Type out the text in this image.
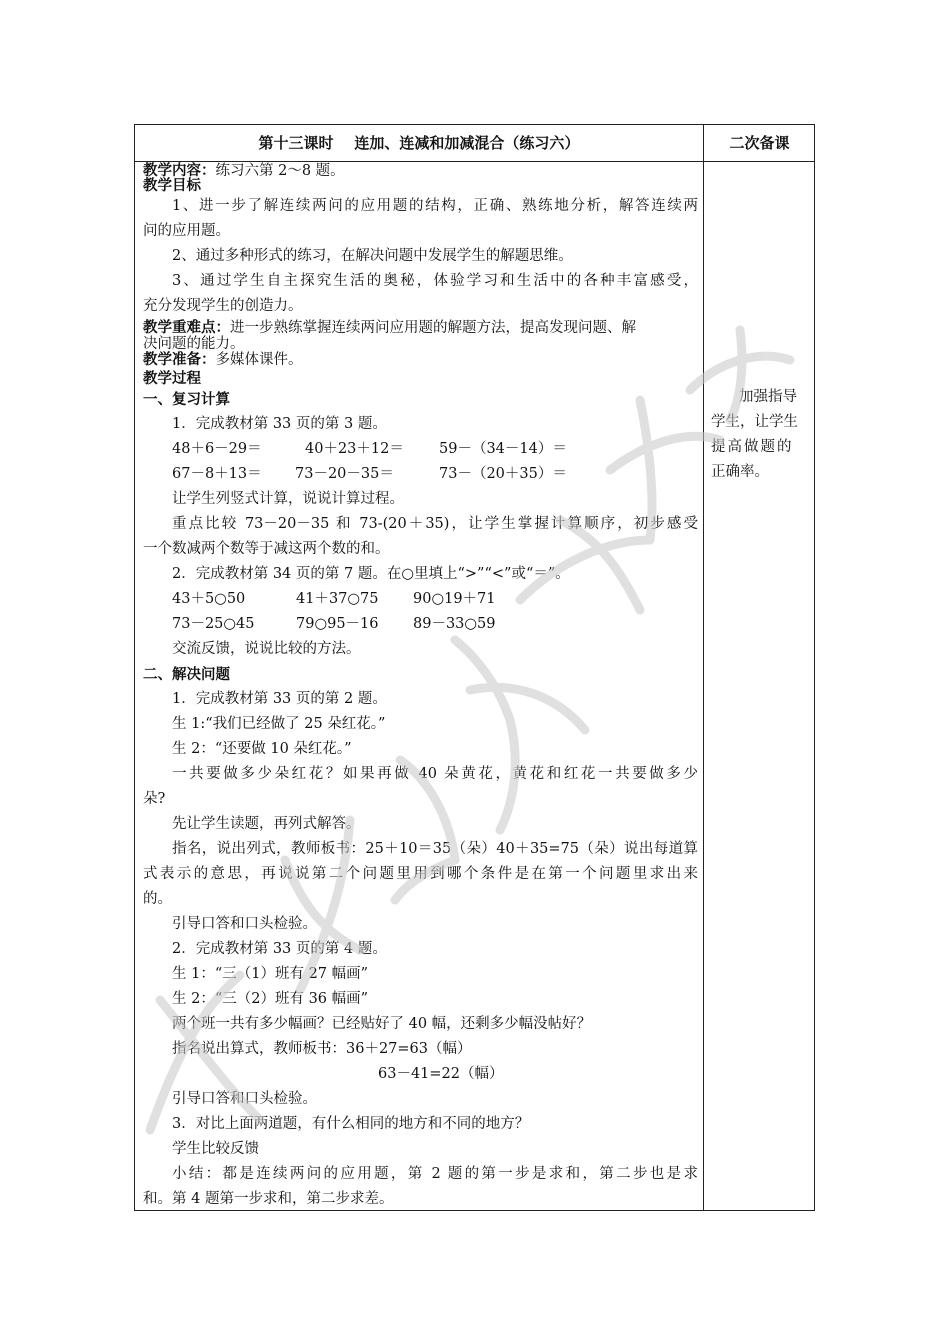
第十三课时    连加、连减和加减混合（练习六）	二次备课
教学内容：练习六第 2～8 题。
教学目标
1、进一步了解连续两问的应用题的结构，正确、熟练地分析，解答连续两
问的应用题。
2、通过多种形式的练习，在解决问题中发展学生的解题思维。
3、通过学生自主探究生活的奥秘，体验学习和生活中的各种丰富感受，
充分发现学生的创造力。
教学重难点：进一步熟练掌握连续两问应用题的解题方法，提高发现问题、解
决问题的能力。
教学准备：多媒体课件。
教学过程
一、复习计算
1．完成教材第 33 页的第 3 题。
48＋6－29＝	40＋23＋12＝ 59－（34－14）＝
67－8＋13＝ 73－20－35＝	73－（20＋35）＝
让学生列竖式计算，说说计算过程。
重点比较 73－20－35 和 73-(20＋35)，让学生掌握计算顺序，初步感受
一个数减两个数等于减这两个数的和。
2．完成教材第 34 页的第 7 题。在○里填上“>”“<”或“＝”。
43＋5○50	41＋37○75 90○19＋71
73－25○45	79○95－16 89－33○59
交流反馈，说说比较的方法。
二、解决问题
1．完成教材第 33 页的第 2 题。
生 1:“我们已经做了 25 朵红花。”
生 2：“还要做 10 朵红花。”
一共要做多少朵红花？如果再做 40 朵黄花，黄花和红花一共要做多少
朵?
先让学生读题，再列式解答。
指名，说出列式，教师板书：25＋10＝35（朵）40＋35=75（朵）说出每道算
式表示的意思，再说说第二个问题里用到哪个条件是在第一个问题里求出来
的。
引导口答和口头检验。
2．完成教材第 33 页的第 4 题。
生 1：“三（1）班有 27 幅画”
生 2：“三（2）班有 36 幅画”
两个班一共有多少幅画？已经贴好了 40 幅，还剩多少幅没帖好？
指名说出算式，教师板书：36＋27=63（幅）
63－41=22（幅）
引导口答和口头检验。
3．对比上面两道题，有什么相同的地方和不同的地方？
学生比较反馈
小结：都是连续两问的应用题，第 2 题的第一步是求和，第二步也是求
和。第 4 题第一步求和，第二步求差。
加强指导
学生，让学生
提高做题的
正确率。
乐乐课堂小学资料道
